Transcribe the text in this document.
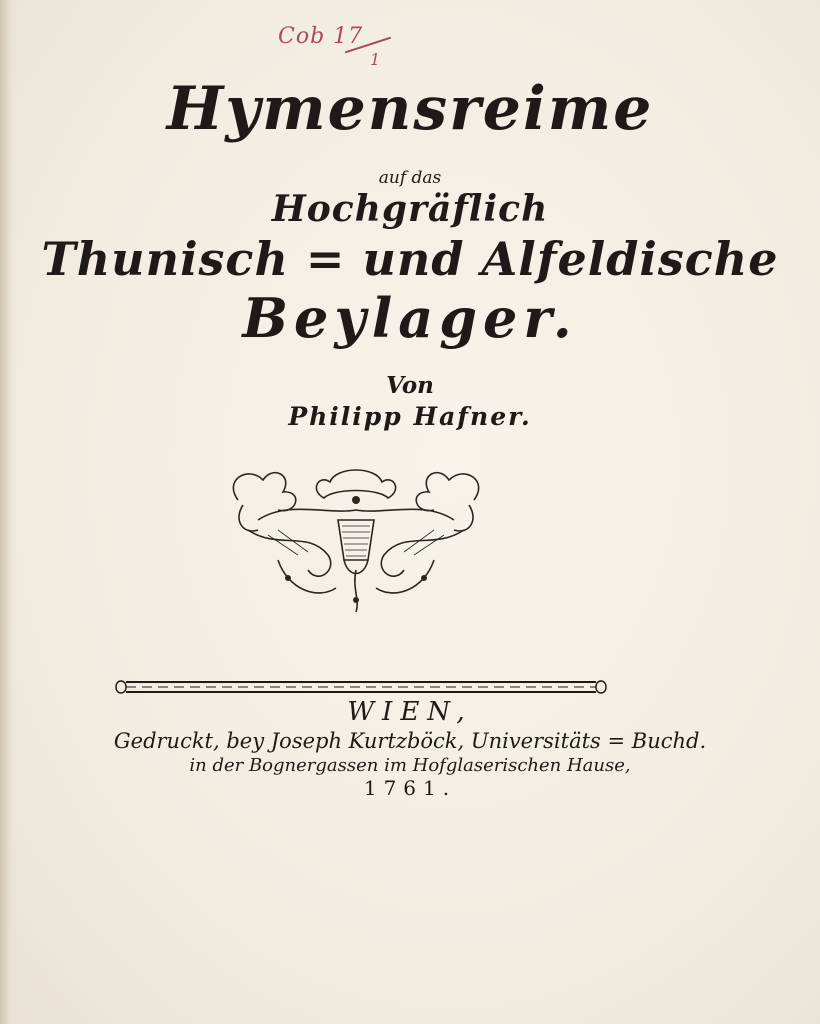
Cob 17
1
Hymensreime
auf das
Hochgräflich
Thunisch = und Alfeldische
Beylager.
Von
Philipp Hafner.
WIEN,
Gedruckt, bey Joseph Kurtzböck, Universitäts = Buchd.
in der Bognergassen im Hofglaserischen Hause,
1761.
